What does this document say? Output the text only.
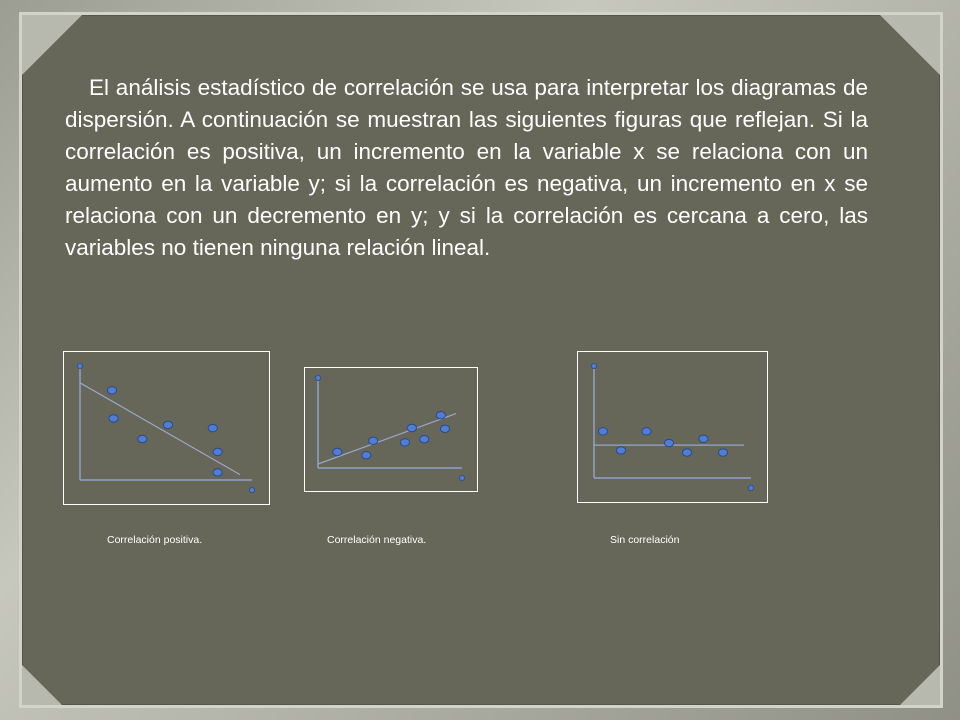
El análisis estadístico de correlación se usa para interpretar los diagramas de dispersión. A continuación se muestran las siguientes figuras que reflejan. Si la correlación es positiva, un incremento en la variable x se relaciona con un aumento en la variable y; si la correlación es negativa, un incremento en x se relaciona con un decremento en y; y si la correlación es cercana a cero, las variables no tienen ninguna relación lineal.

Correlación positiva.	Correlación negativa.	Sin correlación
